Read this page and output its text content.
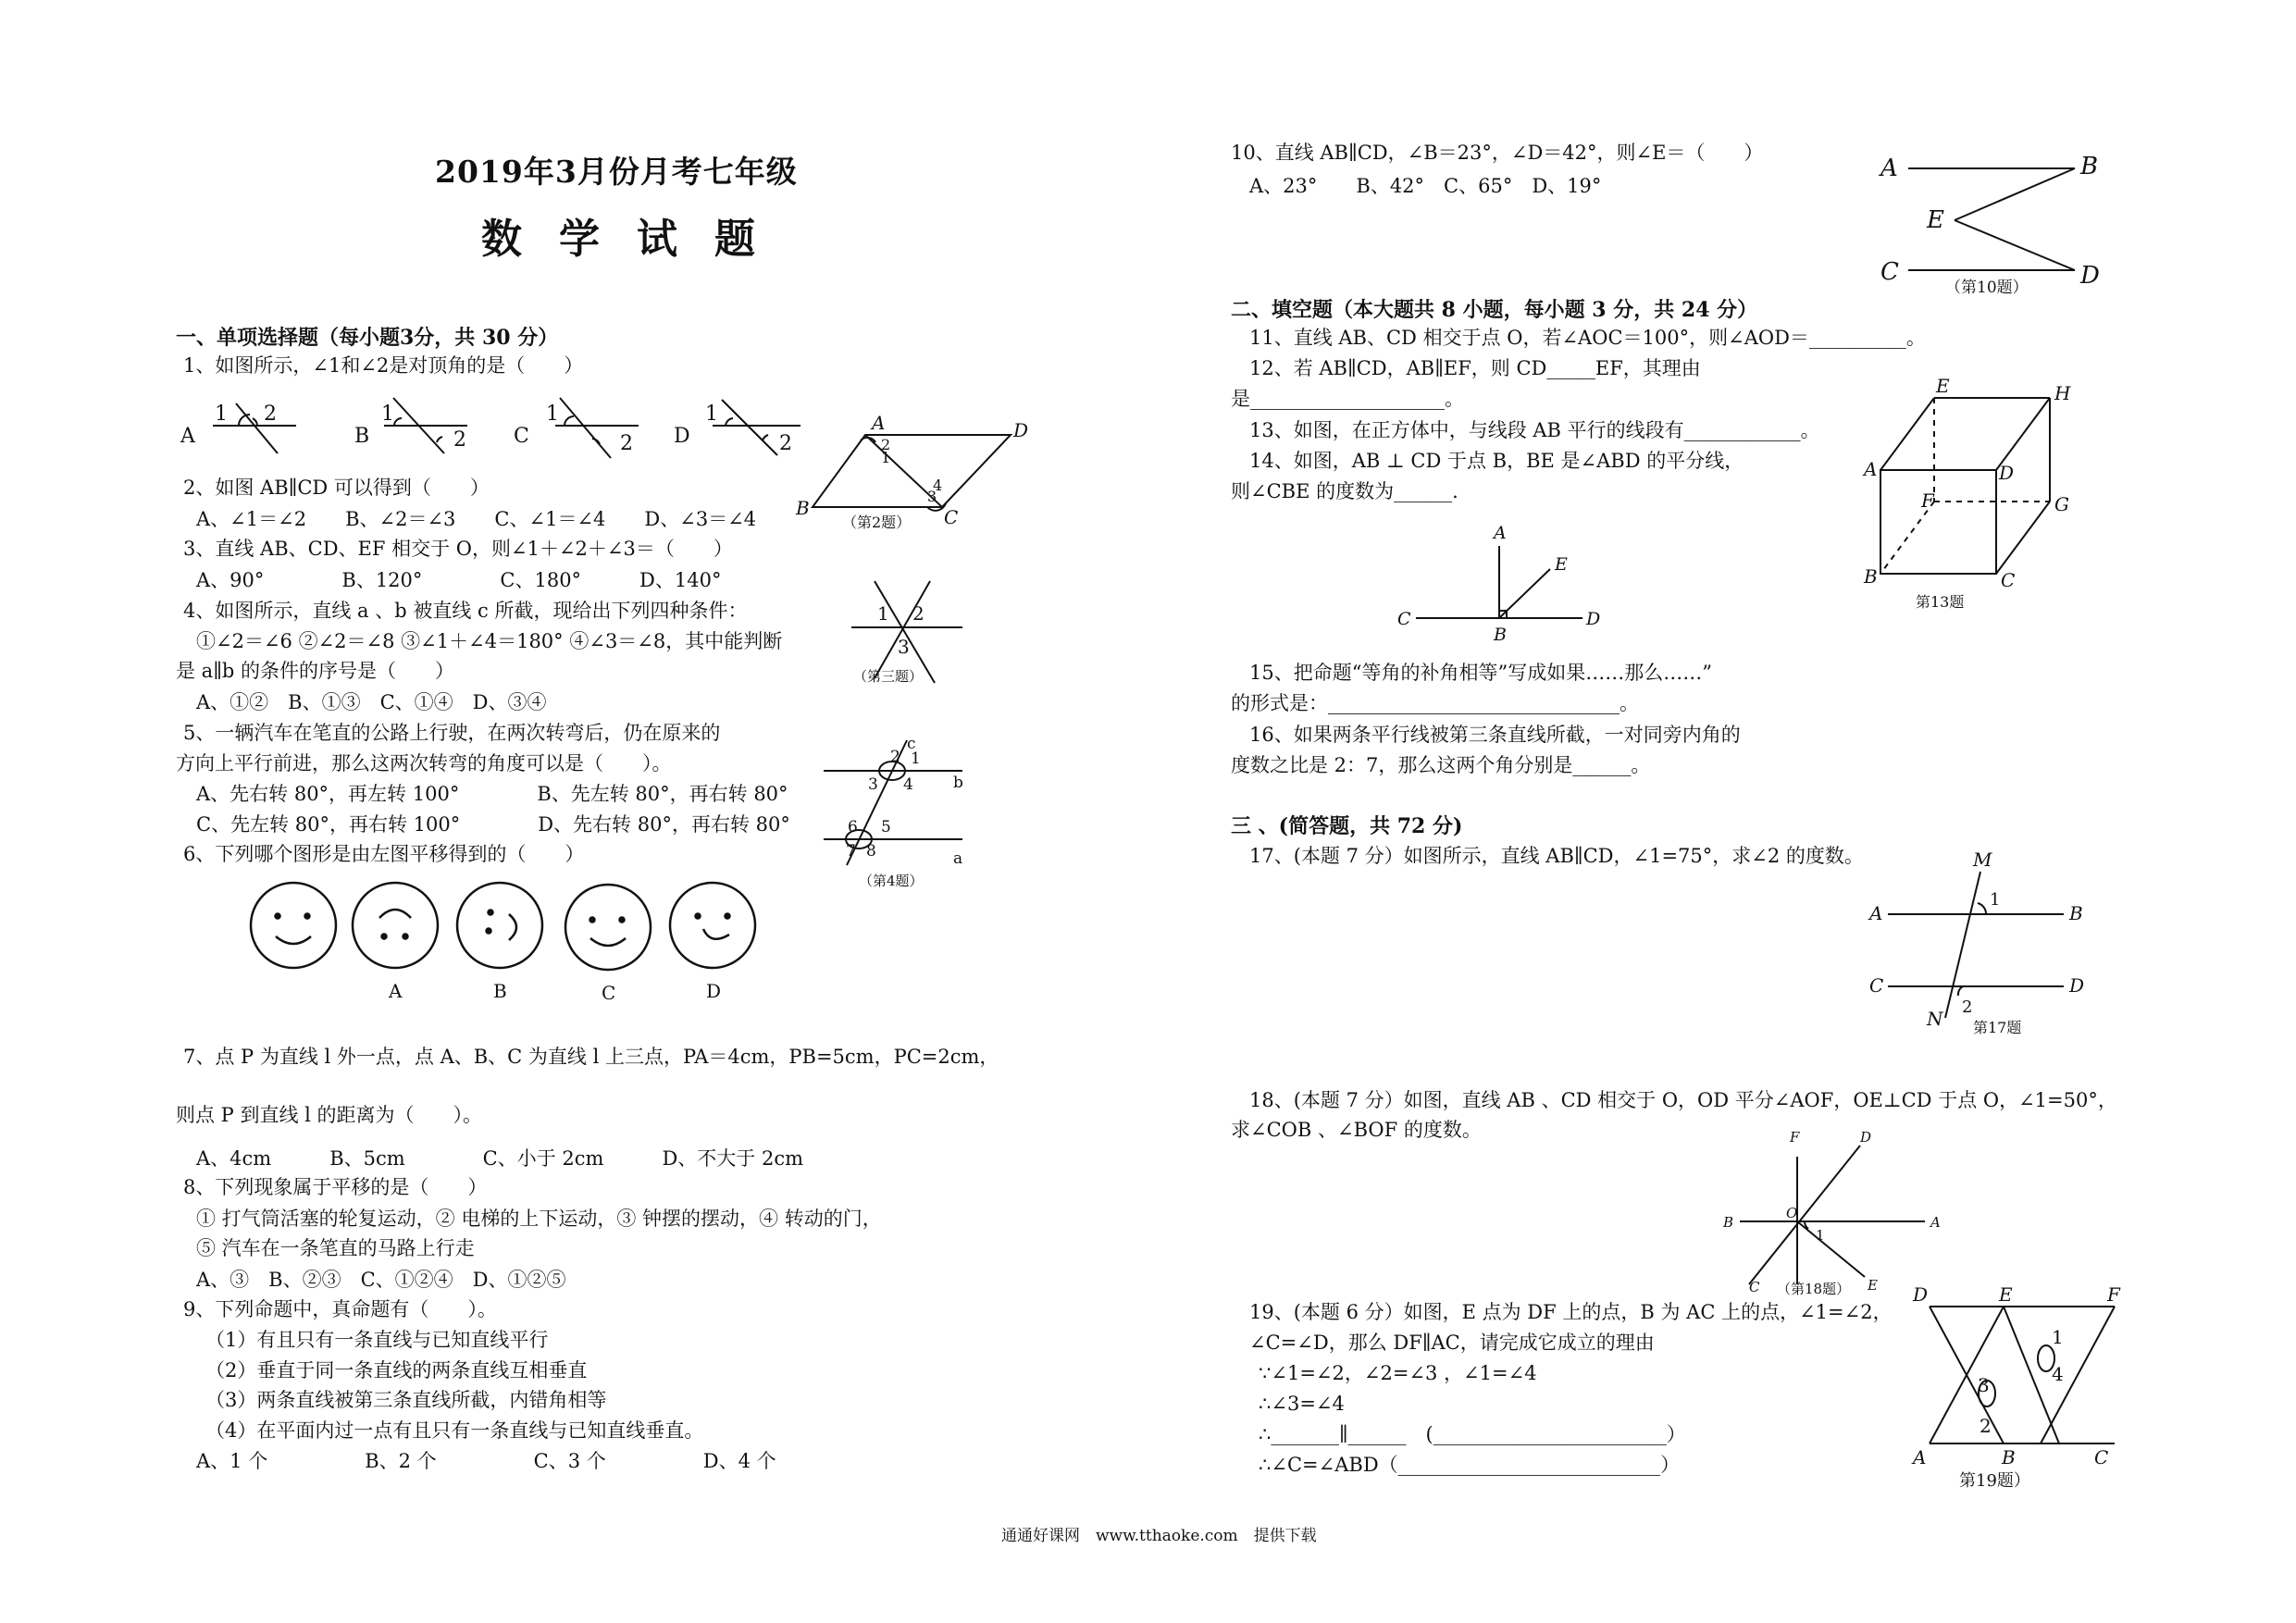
2019年3月份月考七年级
数学试题
一、单项选择题（每小题3分，共 30 分）
二、填空题（本大题共 8 小题，每小题 3 分，共 24 分）
三 、(简答题，共 72 分)
1、如图所示，∠1和∠2是对顶角的是（　　）
2、如图 AB∥CD 可以得到（　　）
A、∠1＝∠2　　B、∠2＝∠3　　C、∠1＝∠4　　D、∠3＝∠4
3、直线 AB、CD、EF 相交于 O，则∠1＋∠2＋∠3＝（　　）
A、90°　　　　B、120°　　　　C、180°　　　D、140°
4、如图所示，直线 a 、b 被直线 c 所截，现给出下列四种条件：
①∠2＝∠6 ②∠2＝∠8 ③∠1＋∠4＝180° ④∠3＝∠8，其中能判断
是 a∥b 的条件的序号是（　　）
A、①②　B、①③　C、①④　D、③④
5、一辆汽车在笔直的公路上行驶，在两次转弯后，仍在原来的
方向上平行前进，那么这两次转弯的角度可以是（　　）。
A、先右转 80°，再左转 100°　　　　B、先左转 80°，再右转 80°
C、先左转 80°，再右转 100°　　　　D、先右转 80°，再右转 80°
6、下列哪个图形是由左图平移得到的（　　）
7、点 P 为直线 l 外一点，点 A、B、C 为直线 l 上三点，PA＝4cm，PB=5cm，PC=2cm，
则点 P 到直线 l 的距离为（　　）。
A、4cm　　　B、5cm　　　　C、小于 2cm　　　D、不大于 2cm
8、下列现象属于平移的是（　　）
① 打气筒活塞的轮复运动，② 电梯的上下运动，③ 钟摆的摆动，④ 转动的门，
⑤ 汽车在一条笔直的马路上行走
A、③　B、②③　C、①②④　D、①②⑤
9、下列命题中，真命题有（　　）。
（1）有且只有一条直线与已知直线平行
（2）垂直于同一条直线的两条直线互相垂直
（3）两条直线被第三条直线所截，内错角相等
（4）在平面内过一点有且只有一条直线与已知直线垂直。
A、1 个　　　　　B、2 个　　　　　C、3 个　　　　　D、4 个
10、直线 AB∥CD，∠B＝23°，∠D＝42°，则∠E＝（　　）
A、23°　　B、42°　C、65°　D、19°
11、直线 AB、CD 相交于点 O，若∠AOC＝100°，则∠AOD＝__________。
12、若 AB∥CD，AB∥EF，则 CD_____EF，其理由
是____________________。
13、如图，在正方体中，与线段 AB 平行的线段有____________。
14、如图，AB ⊥ CD 于点 B，BE 是∠ABD 的平分线，
则∠CBE 的度数为______.
15、把命题“等角的补角相等”写成如果……那么……”
的形式是：______________________________。
16、如果两条平行线被第三条直线所截，一对同旁内角的
度数之比是 2：7，那么这两个角分别是______。
17、(本题 7 分）如图所示，直线 AB∥CD，∠1=75°，求∠2 的度数。
18、(本题 7 分）如图，直线 AB 、CD 相交于 O，OD 平分∠AOF，OE⊥CD 于点 O，∠1=50°，
求∠COB 、∠BOF 的度数。
19、(本题 6 分）如图，E 点为 DF 上的点，B 为 AC 上的点，∠1=∠2，
∠C=∠D，那么 DF∥AC，请完成它成立的理由
∵∠1=∠2，∠2=∠3 ，∠1=∠4
∴∠3=∠4
∴_______∥______　(________________________）
∴∠C=∠ABD（___________________________）
A
1 2
B
1
2 C
1
2 D
1
2
A	D
B	C
2
1
3
4
（第2题）
1 2
3
（第三题）
c
2 1
3 4	b
6 5
7 8	a
（第4题）
A	B	C	D
A	B
E
C	D
（第10题）
E	H
A	D
F	G
B	C
第13题
A
E
C	D
B
M
A	B
C	D
N
1
2
第17题
F	D
B	A
O
C	E
1
（第18题）	D	E	F
A	B	C
1
2
3	4
第19题）
通通好课网　www.tthaoke.com　提供下载
